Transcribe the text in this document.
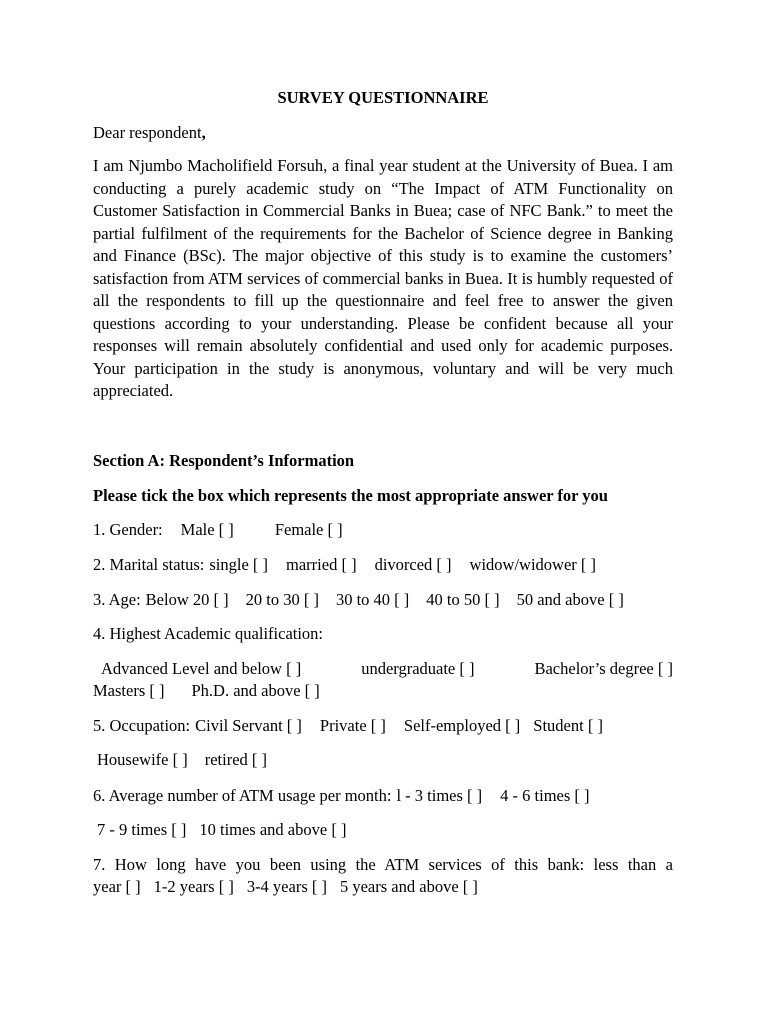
SURVEY QUESTIONNAIRE
Dear respondent,

I am Njumbo Macholifield Forsuh, a final year student at the University of Buea. I am conducting a purely academic study on “The Impact of ATM Functionality on Customer Satisfaction in Commercial Banks in Buea; case of NFC Bank.” to meet the partial fulfilment of the requirements for the Bachelor of Science degree in Banking and Finance (BSc). The major objective of this study is to examine the customers’ satisfaction from ATM services of commercial banks in Buea. It is humbly requested of all the respondents to fill up the questionnaire and feel free to answer the given questions according to your understanding. Please be confident because all your responses will remain absolutely confidential and used only for academic purposes. Your participation in the study is anonymous, voluntary and will be very much appreciated.

Section A: Respondent’s Information
Please tick the box which represents the most appropriate answer for you
1. Gender: Male [ ] Female [ ]
2. Marital status: single [ ] married [ ] divorced [ ] widow/widower [ ]
3. Age: Below 20 [ ] 20 to 30 [ ] 30 to 40 [ ] 40 to 50 [ ] 50 and above [ ]
4. Highest Academic qualification:
Advanced Level and below [ ]	undergraduate [ ]	Bachelor’s degree [ ]
Masters [ ] Ph.D. and above [ ]
5. Occupation: Civil Servant [ ] Private [ ] Self-employed [ ] Student [ ]
Housewife [ ] retired [ ]
6. Average number of ATM usage per month: l - 3 times [ ] 4 - 6 times [ ]
7 - 9 times [ ] 10 times and above [ ]
7. How long have you been using the ATM services of this bank: less than a
year [ ] 1-2 years [ ] 3-4 years [ ] 5 years and above [ ]
